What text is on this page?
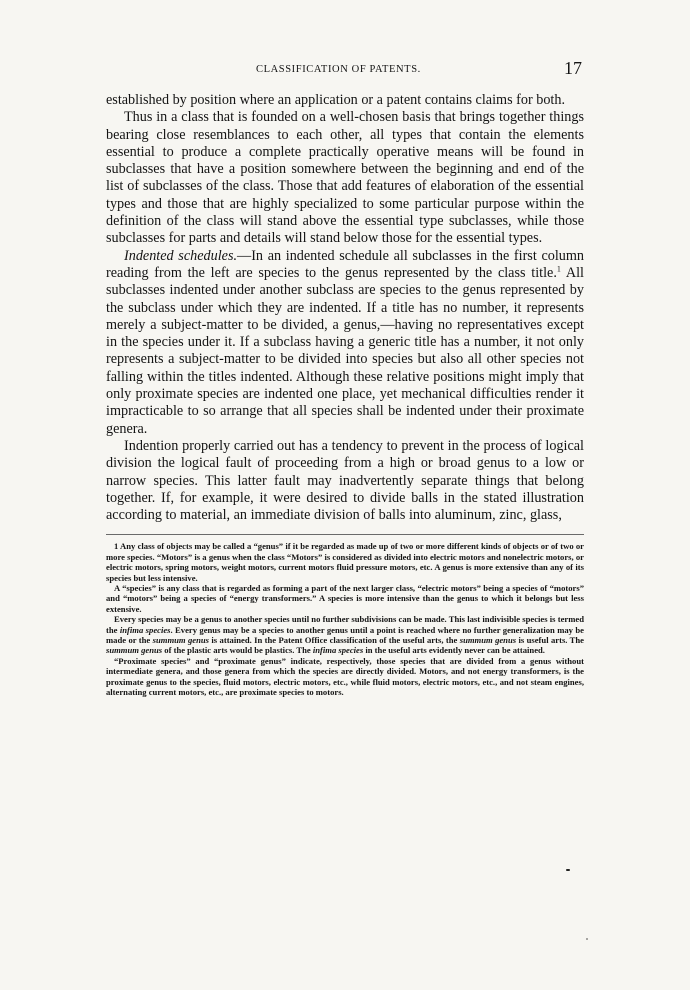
CLASSIFICATION OF PATENTS.	17

established by position where an application or a patent contains claims for both.

Thus in a class that is founded on a well-chosen basis that brings together things bearing close resemblances to each other, all types that contain the elements essential to produce a complete practically operative means will be found in subclasses that have a position somewhere between the beginning and end of the list of subclasses of the class. Those that add features of elaboration of the essential types and those that are highly specialized to some particular purpose within the definition of the class will stand above the essential type subclasses, while those subclasses for parts and details will stand below those for the essential types.

Indented schedules.—In an indented schedule all subclasses in the first column reading from the left are species to the genus represented by the class title.$^1$ All subclasses indented under another subclass are species to the genus represented by the subclass under which they are indented. If a title has no number, it represents merely a subject-matter to be divided, a genus,—having no representatives except in the species under it. If a subclass having a generic title has a number, it not only represents a subject-matter to be divided into species but also all other species not falling within the titles indented. Although these relative positions might imply that only proximate species are indented one place, yet mechanical difficulties render it impracticable to so arrange that all species shall be indented under their proximate genera.

Indention properly carried out has a tendency to prevent in the process of logical division the logical fault of proceeding from a high or broad genus to a low or narrow species. This latter fault may inadvertently separate things that belong together. If, for example, it were desired to divide balls in the stated illustration according to material, an immediate division of balls into aluminum, zinc, glass,

1 Any class of objects may be called a “genus” if it be regarded as made up of two or more different kinds of objects or of two or more species. “Motors” is a genus when the class “Motors” is considered as divided into electric motors and nonelectric motors, or electric motors, spring motors, weight motors, current motors fluid pressure motors, etc. A genus is more extensive than any of its species but less intensive.

A “species” is any class that is regarded as forming a part of the next larger class, “electric motors” being a species of “motors” and “motors” being a species of “energy transformers.” A species is more intensive than the genus to which it belongs but less extensive.

Every species may be a genus to another species until no further subdivisions can be made. This last indivisible species is termed the infima species. Every genus may be a species to another genus until a point is reached where no further generalization may be made or the summum genus is attained. In the Patent Office classification of the useful arts, the summum genus is useful arts. The summum genus of the plastic arts would be plastics. The infima species in the useful arts evidently never can be attained.

“Proximate species” and “proximate genus” indicate, respectively, those species that are divided from a genus without intermediate genera, and those genera from which the species are directly divided. Motors, and not energy transformers, is the proximate genus to the species, fluid motors, electric motors, etc., while fluid motors, electric motors, etc., and not steam engines, alternating current motors, etc., are proximate species to motors.
